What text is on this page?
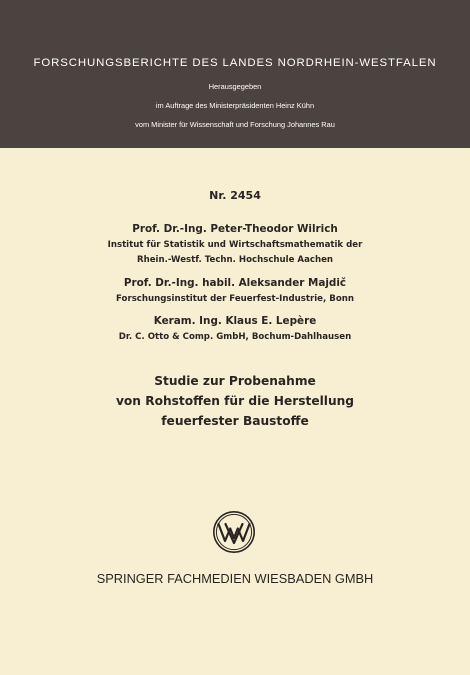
FORSCHUNGSBERICHTE DES LANDES NORDRHEIN-WESTFALEN
Herausgegeben
im Auftrage des Ministerpräsidenten Heinz Kühn
vom Minister für Wissenschaft und Forschung Johannes Rau
Nr. 2454
Prof. Dr.-Ing. Peter-Theodor Wilrich
Institut für Statistik und Wirtschaftsmathematik der
Rhein.-Westf. Techn. Hochschule Aachen
Prof. Dr.-Ing. habil. Aleksander Majdič
Forschungsinstitut der Feuerfest-Industrie, Bonn
Keram. Ing. Klaus E. Lepère
Dr. C. Otto & Comp. GmbH, Bochum-Dahlhausen
Studie zur Probenahme
von Rohstoffen für die Herstellung
feuerfester Baustoffe
SPRINGER FACHMEDIEN WIESBADEN GMBH
